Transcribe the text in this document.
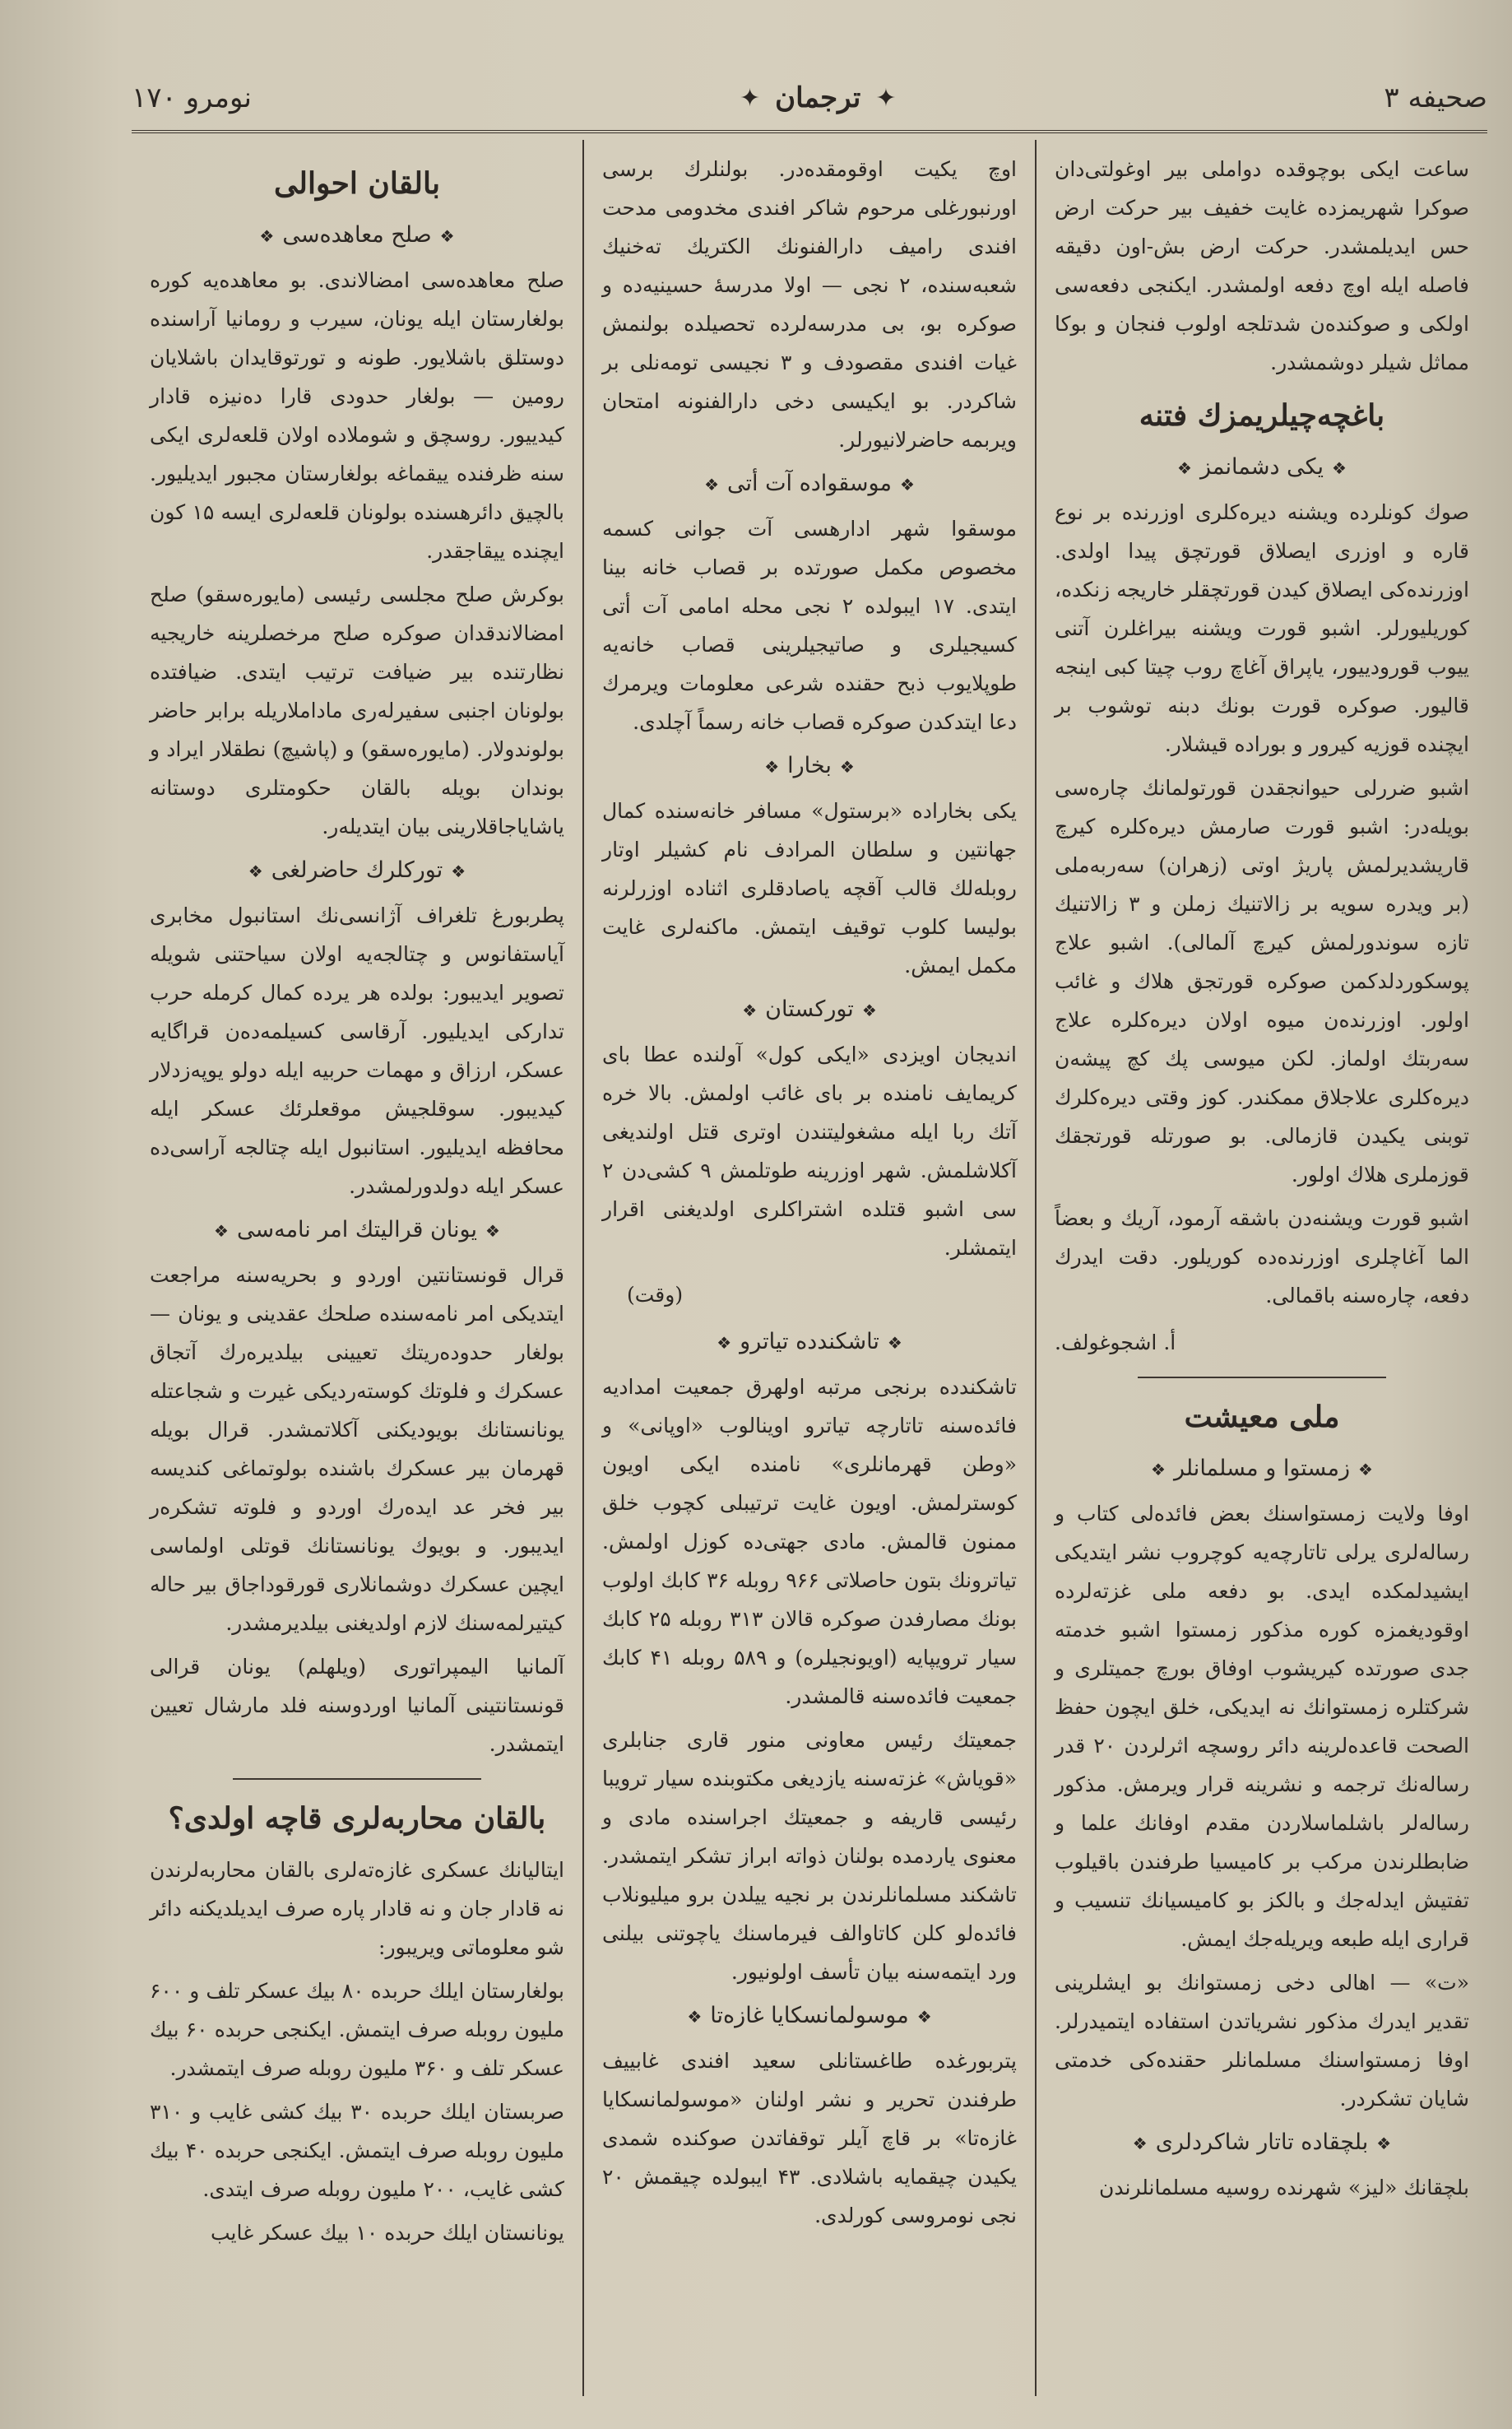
صحيفه ۳
✦
ترجمان
✦
نومرو ۱۷۰

ساعت ايكى بوچوقده دواملى بير اوغولتى‌دان صوكرا شهريمزده غايت خفيف بير حركت ارض حس ايديلمشدر. حركت ارض بش-اون دقيقه فاصله ايله اوچ دفعه اولمشدر. ايكنجى دفعه‌سى اولكى و صوكنده‌ن شدتلجه اولوب فنجان و بوكا مماثل شيلر دوشمشدر.

باغچه‌چيلريمزك فتنه
❖ يكى دشمانمز ❖

صوك كونلرده ويشنه ديره‌كلرى اوزرنده بر نوع قاره و اوزرى ايصلاق قورتچق پيدا اولدى. اوزرنده‌كى ايصلاق كيدن قورتچقلر خاريجه زنكده، كوريليورلر. اشبو قورت ويشنه بيراغلرن آتنى ييوب قورودييور، ياپراق آغاچ روب چيتا كبى اينجه قاليور. صوكره قورت بونك دبنه توشوب بر ايچنده قوزيه كيرور و بوراده قيشلار.

اشبو ضررلى حيوانجقدن قورتولمانك چاره‌سى بويله‌در: اشبو قورت صارمش ديره‌كلره كيرچ قاريشديرلمش پاريژ اوتى (زهران) سه‌ربه‌ملى (بر ويدره سويه بر زالاتنيك زملن و ۳ زالاتنيك تازه سوندورلمش كيرچ آلمالى). اشبو علاج پوسكوردلدكمن صوكره قورتجق هلاك و غائب اولور. اوزرنده‌ن ميوه اولان ديره‌كلره علاج سه‌ربتك اولماز. لكن ميوسى پك كچ پيشه‌ن ديره‌كلرى علاجلاق ممكندر. كوز وقتى ديره‌كلرك توبنى يكيدن قازمالى. بو صورتله قورتجقك قوزملرى هلاك اولور.

اشبو قورت ويشنه‌دن باشقه آرمود، آريك و بعضاً الما آغاچلرى اوزرنده‌ده كوريلور. دقت ايدرك دفعه، چاره‌سنه باقمالى.

أ. اشجوغولف.
ملى معيشت
❖ زمستوا و مسلمانلر ❖

اوفا ولايت زمستواسنك بعض فائده‌لى كتاب و رساله‌لرى يرلى تاتارچه‌يه كوچروب نشر ايتديكى ايشيدلمكده ايدى. بو دفعه ملى غزته‌لرده اوقوديغمزه كوره مذكور زمستوا اشبو خدمته جدى صورتده كيريشوب اوفاق بورچ جميتلرى و شركتلره زمستوانك نه ايديكى، خلق ايچون حفظ الصحت قاعده‌لرينه دائر روسچه اثرلردن ۲۰ قدر رساله‌نك ترجمه و نشرينه قرار ويرمش. مذكور رساله‌لر باشلماسلاردن مقدم اوفانك علما و ضابطلرندن مركب بر كاميسيا طرفندن باقيلوب تفتيش ايدله‌جك و بالكز بو كاميسيانك تنسيب و قرارى ايله طبعه ويريله‌جك ايمش.

«ت» — اهالى دخى زمستوانك بو ايشلرينى تقدير ايدرك مذكور نشرياتدن استفاده ايتميدرلر. اوفا زمستواسنك مسلمانلر حقنده‌كى خدمتى شايان تشكردر.

❖ بلچقاده تاتار شاكردلرى ❖

بلچقانك «ليز» شهرنده روسيه مسلمانلرندن

اوچ يكيت اوقومقده‌در. بولنلرك برسى اورنبورغلى مرحوم شاكر افندى مخدومى مدحت افندى راميف دارالفنونك الكتريك ته‌خنيك شعبه‌سنده، ۲ نجى — اولا مدرسهٔ حسينيه‌ده و صوكره بو، بى مدرسه‌لرده تحصيلده بولنمش غيات افندى مقصودف و ۳ نجيسى تومه‌نلى بر شاكردر. بو ايكيسى دخى دارالفنونه امتحان ويربمه حاضرلانيورلر.

❖ موسقواده آت أتى ❖

موسقوا شهر ادارهسى آت جوانى كسمه مخصوص مكمل صورتده بر قصاب خانه بينا ايتدى. ۱۷ ايبولده ۲ نجى محله امامى آت أتى كسيجيلرى و صاتيجيلرينى قصاب خانه‌يه طوپلايوب ذبح حقنده شرعى معلومات ويرمرك دعا ايتدكدن صوكره قصاب خانه رسماً آچلدى.

❖ بخارا ❖

يكى بخاراده «برستول» مسافر خانه‌سنده كمال جهانتين و سلطان المرادف نام كشيلر اوتار روبله‌لك قالب آقچه ياصادقلرى اثناده اوزرلرنه بوليسا كلوب توقيف ايتمش. ماكنه‌لرى غايت مكمل ايمش.

❖ توركستان ❖

انديجان اويزدى «ايكى كول» آولنده عطا باى كريمايف نامنده بر باى غائب اولمش. بالا خره آتك ربا ايله مشغوليتندن اوترى قتل اولنديغى آكلاشلمش. شهر اوزرينه طوتلمش ۹ كشى‌دن ۲ سى اشبو قتلده اشتراكلرى اولديغنى اقرار ايتمشلر.

(وقت)
❖ تاشكندده تياترو ❖

تاشكندده برنجى مرتبه اولهرق جمعيت امداديه فائده‌سنه تاتارچه تياترو اوينالوب «اوپانى» و «وطن قهرمانلرى» نامنده ايكى اويون كوسترلمش. اويون غايت ترتيبلى كچوب خلق ممنون قالمش. مادى جهتى‌ده كوزل اولمش. تياترونك بتون حاصلاتى ۹۶۶ روبله ۳۶ كابك اولوب بونك مصارفدن صوكره قالان ۳۱۳ روبله ۲۵ كابك سيار ترويپايه (اويونجيلره) و ۵۸۹ روبله ۴۱ كابك جمعيت فائده‌سنه قالمشدر.

جمعيتك رئيس معاونى منور قارى جنابلرى «قوياش» غزته‌سنه يازديغى مكتوبنده سيار ترويبا رئيسى قاريفه و جمعيتك اجراسنده مادى و معنوى ياردمده بولنان ذواته ابراز تشكر ايتمشدر. تاشكند مسلمانلرندن بر نجيه ييلدن برو ميليونلاب فائده‌لو كلن كاتاوالف فيرماسنك ياچوتنى بيلنى ورد ايتمه‌سنه بيان تأسف اولونيور.

❖ موسولمانسكايا غازه‌تا ❖

پتربورغده طاغستانلى سعيد افندى غابييف طرفندن تحرير و نشر اولنان «موسولمانسكايا غازه‌تا» بر قاچ آيلر توقفاتدن صوكنده شمدى يكيدن چيقمايه باشلادى. ۴۳ ايبولده چيقمش ۲۰ نجى نومروسى كورلدى.

بالقان احوالى
❖ صلح معاهده‌سى ❖

صلح معاهده‌سى امضالاندى. بو معاهده‌يه كوره بولغارستان ايله يونان، سيرب و رومانيا آراسنده دوستلق باشلايور. طونه و تورتوقايدان باشلايان رومين — بولغار حدودى قارا دەنيزه قادار كيدييور. روسچق و شوملاده اولان قلعه‌لرى ايكى سنه ظرفنده ييقماغه بولغارستان مجبور ايديليور. بالچيق دائرهسنده بولونان قلعه‌لرى ايسه ۱۵ كون ايچنده ييقاجقدر.

بوكرش صلح مجلسى رئيسى (مايورەسقو) صلح امضالاندقدان صوكره صلح مرخصلرينه خاريجيه نظارتنده بير ضيافت ترتيب ايتدى. ضيافتده بولونان اجنبى سفيرله‌رى ماداملاريله برابر حاضر بولوندولار. (مايوره‌سقو) و (پاشيچ) نطقلار ايراد و بوندان بويله بالقان حكومتلرى دوستانه ياشاياجاقلارينى بيان ايتديله‌ر.

❖ توركلرك حاضرلغى ❖

پطربورغ تلغراف آژانسى‌نك استانبول مخابرى آياستفانوس و چتالجه‌يه اولان سياحتنى شويله تصوير ايديبور: بولده هر يرده كمال كرمله حرب تداركى ايديليور. آرقاسى كسيلمه‌ده‌ن قراگايه عسكر، ارزاق و مهمات حربيه ايله دولو يوپەزدلار كيديبور. سوقلجيش موقعلرئك عسكر ايله محافظه ايديليور. استانبول ايله چتالجه آراسى‌ده عسكر ايله دولدورلمشدر.

❖ يونان قراليتك امر نامه‌سى ❖

قرال قونستانتين اوردو و بحريه‌سنه مراجعت ايتديكى امر نامه‌سنده صلحك عقدينى و يونان — بولغار حدوده‌ريتك تعيينى بيلديرەرك آتجاق عسكرك و فلوتك كوسته‌رديكى غيرت و شجاعتله يونانستانك بويوديكنى آكلاتمشدر. قرال بويله قهرمان بير عسكرك باشنده بولوتماغى كنديسه بير فخر عد ايدەرك اوردو و فلوته تشكره‌ر ايديبور. و بويوك يونانستانك قوتلى اولماسى ايچين عسكرك دوشمانلارى قورقوداجاق بير حاله كيتيرلمه‌سنك لازم اولديغنى بيلديرمشدر.

آلمانيا اليمپراتورى (ويلهلم) يونان قرالى قونستانتينى آلمانيا اوردوسنه فلد مارشال تعيين ايتمشدر.

بالقان محاربه‌لرى قاچه اولدى؟

ايتاليانك عسكرى غازه‌ته‌لرى بالقان محاربه‌لرندن نه قادار جان و نه قادار پاره صرف ايديلديكنه دائر شو معلوماتى ويريبور:

بولغارستان ايلك حربده ۸۰ بيك عسكر تلف و ۶۰۰ مليون روبله صرف ايتمش. ايكنجى حربده ۶۰ بيك عسكر تلف و ۳۶۰ مليون روبله صرف ايتمشدر.

صربستان ايلك حربده ۳۰ بيك كشى غايب و ۳۱۰ مليون روبله صرف ايتمش. ايكنجى حربده ۴۰ بيك كشى غايب، ۲۰۰ مليون روبله صرف ايتدى.

يونانستان ايلك حربده ۱۰ بيك عسكر غايب
